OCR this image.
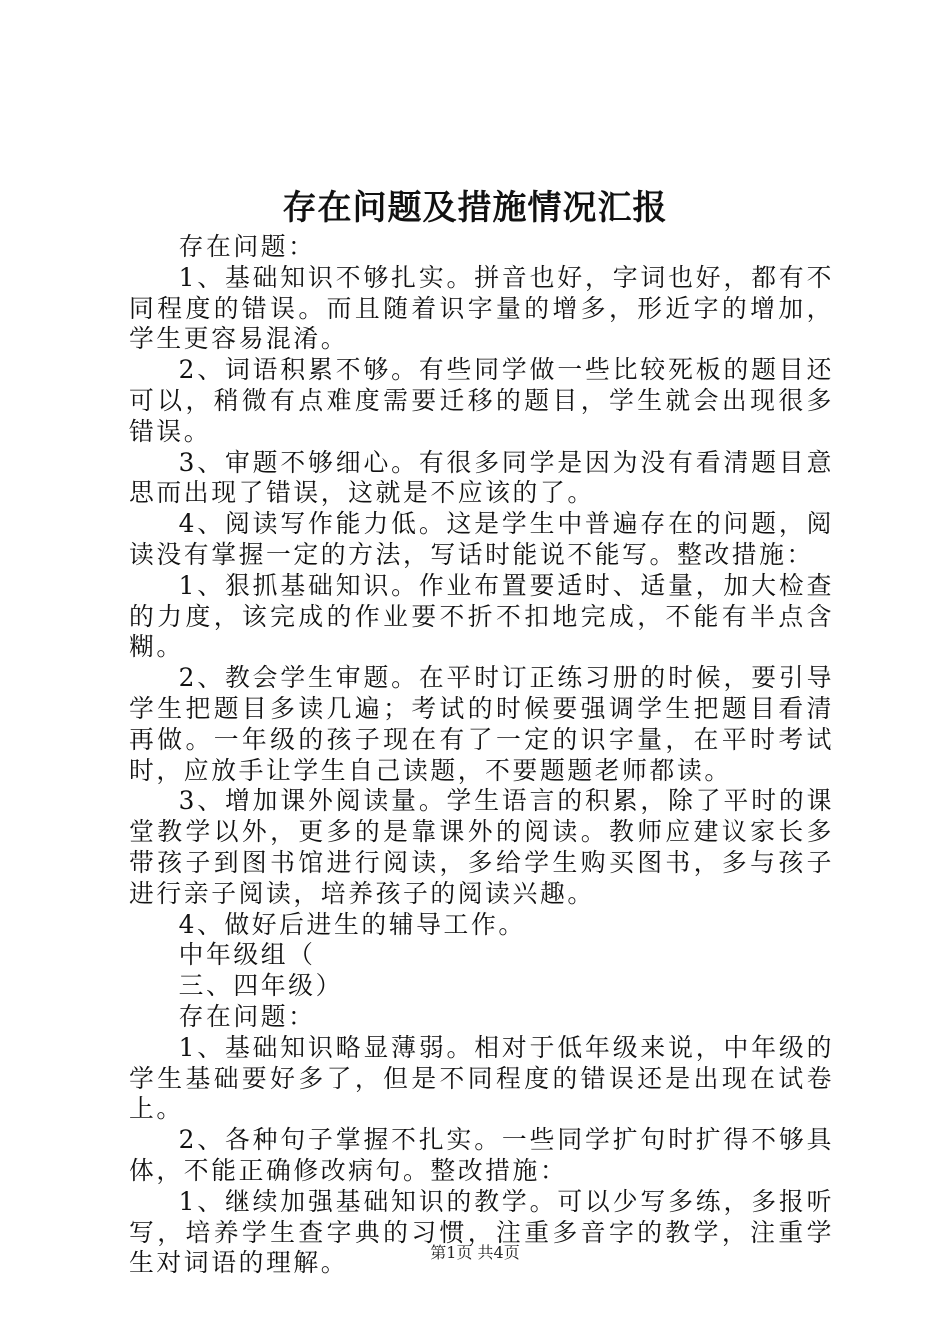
存在问题及措施情况汇报

存在问题：

1、基础知识不够扎实。拼音也好，字词也好，都有不同程度的错误。而且随着识字量的增多，形近字的增加，学生更容易混淆。

2、词语积累不够。有些同学做一些比较死板的题目还可以，稍微有点难度需要迁移的题目，学生就会出现很多错误。

3、审题不够细心。有很多同学是因为没有看清题目意思而出现了错误，这就是不应该的了。

4、阅读写作能力低。这是学生中普遍存在的问题，阅读没有掌握一定的方法，写话时能说不能写。整改措施：

1、狠抓基础知识。作业布置要适时、适量，加大检查的力度，该完成的作业要不折不扣地完成，不能有半点含糊。

2、教会学生审题。在平时订正练习册的时候，要引导学生把题目多读几遍；考试的时候要强调学生把题目看清再做。一年级的孩子现在有了一定的识字量，在平时考试时，应放手让学生自己读题，不要题题老师都读。

3、增加课外阅读量。学生语言的积累，除了平时的课堂教学以外，更多的是靠课外的阅读。教师应建议家长多带孩子到图书馆进行阅读，多给学生购买图书，多与孩子进行亲子阅读，培养孩子的阅读兴趣。

4、做好后进生的辅导工作。

中年级组（

三、四年级）

存在问题：

1、基础知识略显薄弱。相对于低年级来说，中年级的学生基础要好多了，但是不同程度的错误还是出现在试卷上。

2、各种句子掌握不扎实。一些同学扩句时扩得不够具体，不能正确修改病句。整改措施：

1、继续加强基础知识的教学。可以少写多练，多报听写，培养学生查字典的习惯，注重多音字的教学，注重学生对词语的理解。	第1页 共4页
